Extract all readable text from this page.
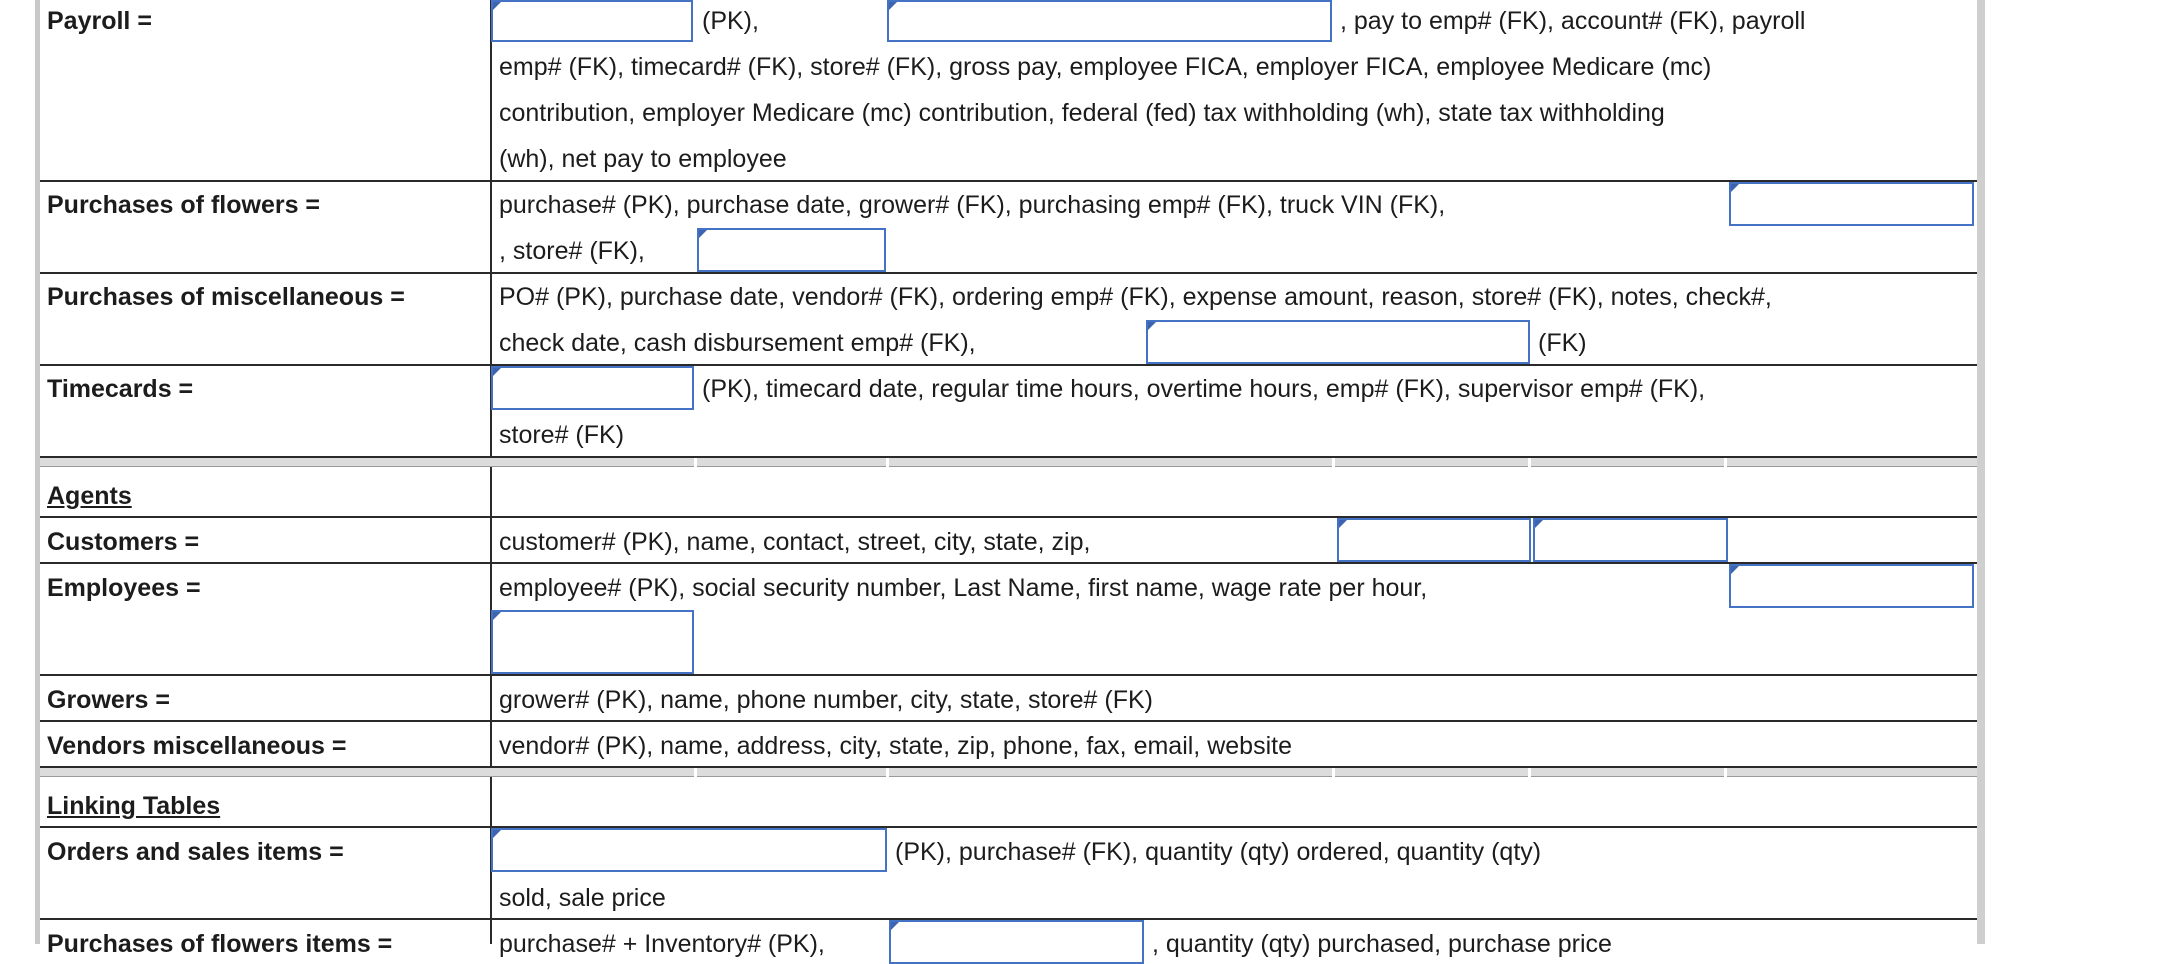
Payroll =	(PK),	, pay to emp# (FK), account# (FK), payroll
emp# (FK), timecard# (FK), store# (FK), gross pay, employee FICA, employer FICA, employee Medicare (mc)
contribution, employer Medicare (mc) contribution, federal (fed) tax withholding (wh), state tax withholding
(wh), net pay to employee
Purchases of flowers =	purchase# (PK), purchase date, grower# (FK), purchasing emp# (FK), truck VIN (FK),
, store# (FK),
Purchases of miscellaneous =	PO# (PK), purchase date, vendor# (FK), ordering emp# (FK), expense amount, reason, store# (FK), notes, check#,
check date, cash disbursement emp# (FK),	(FK)
Timecards =	(PK), timecard date, regular time hours, overtime hours, emp# (FK), supervisor emp# (FK),
store# (FK)
Agents
Customers =	customer# (PK), name, contact, street, city, state, zip,
Employees =	employee# (PK), social security number, Last Name, first name, wage rate per hour,
Growers =	grower# (PK), name, phone number, city, state, store# (FK)
Vendors miscellaneous =	vendor# (PK), name, address, city, state, zip, phone, fax, email, website
Linking Tables
Orders and sales items =	(PK), purchase# (FK), quantity (qty) ordered, quantity (qty)
sold, sale price
Purchases of flowers items =	purchase# + Inventory# (PK),	, quantity (qty) purchased, purchase price
